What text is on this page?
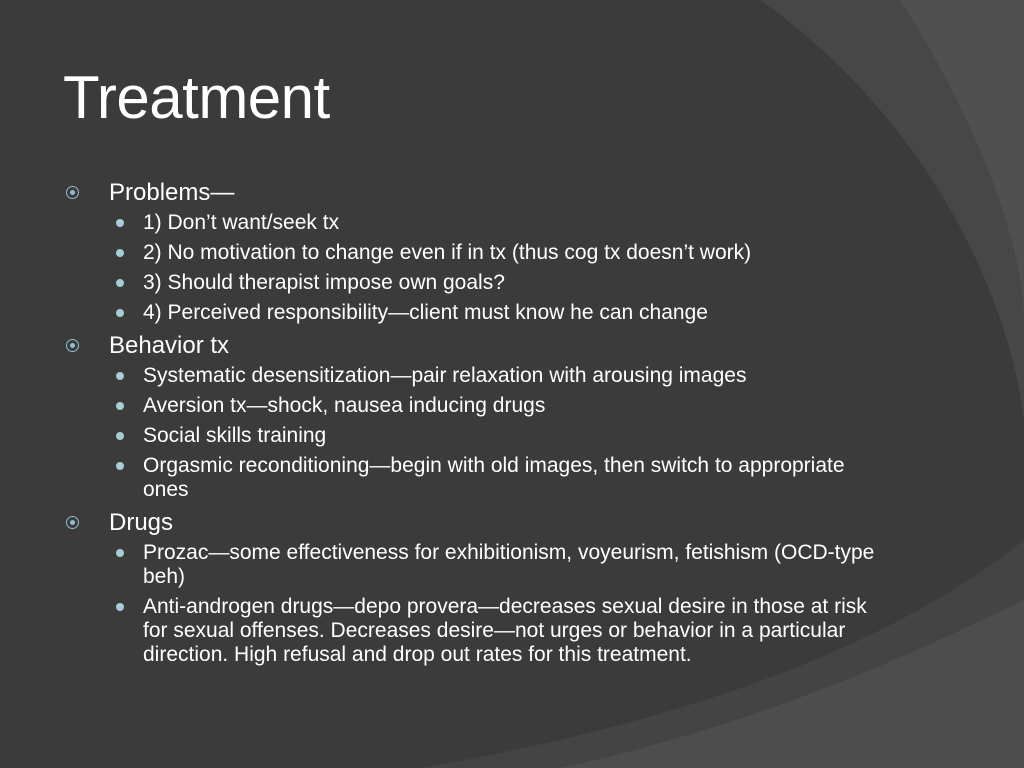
Treatment

Problems—

1) Don’t want/seek tx
2) No motivation to change even if in tx (thus cog tx doesn’t work)
3) Should therapist impose own goals?
4) Perceived responsibility—client must know he can change

Behavior tx

Systematic desensitization—pair relaxation with arousing images
Aversion tx—shock, nausea inducing drugs
Social skills training
Orgasmic reconditioning—begin with old images, then switch to appropriate ones

Drugs

Prozac—some effectiveness for exhibitionism, voyeurism, fetishism (OCD-type beh)
Anti-androgen drugs—depo provera—decreases sexual desire in those at risk for sexual offenses. Decreases desire—not urges or behavior in a particular direction. High refusal and drop out rates for this treatment.
